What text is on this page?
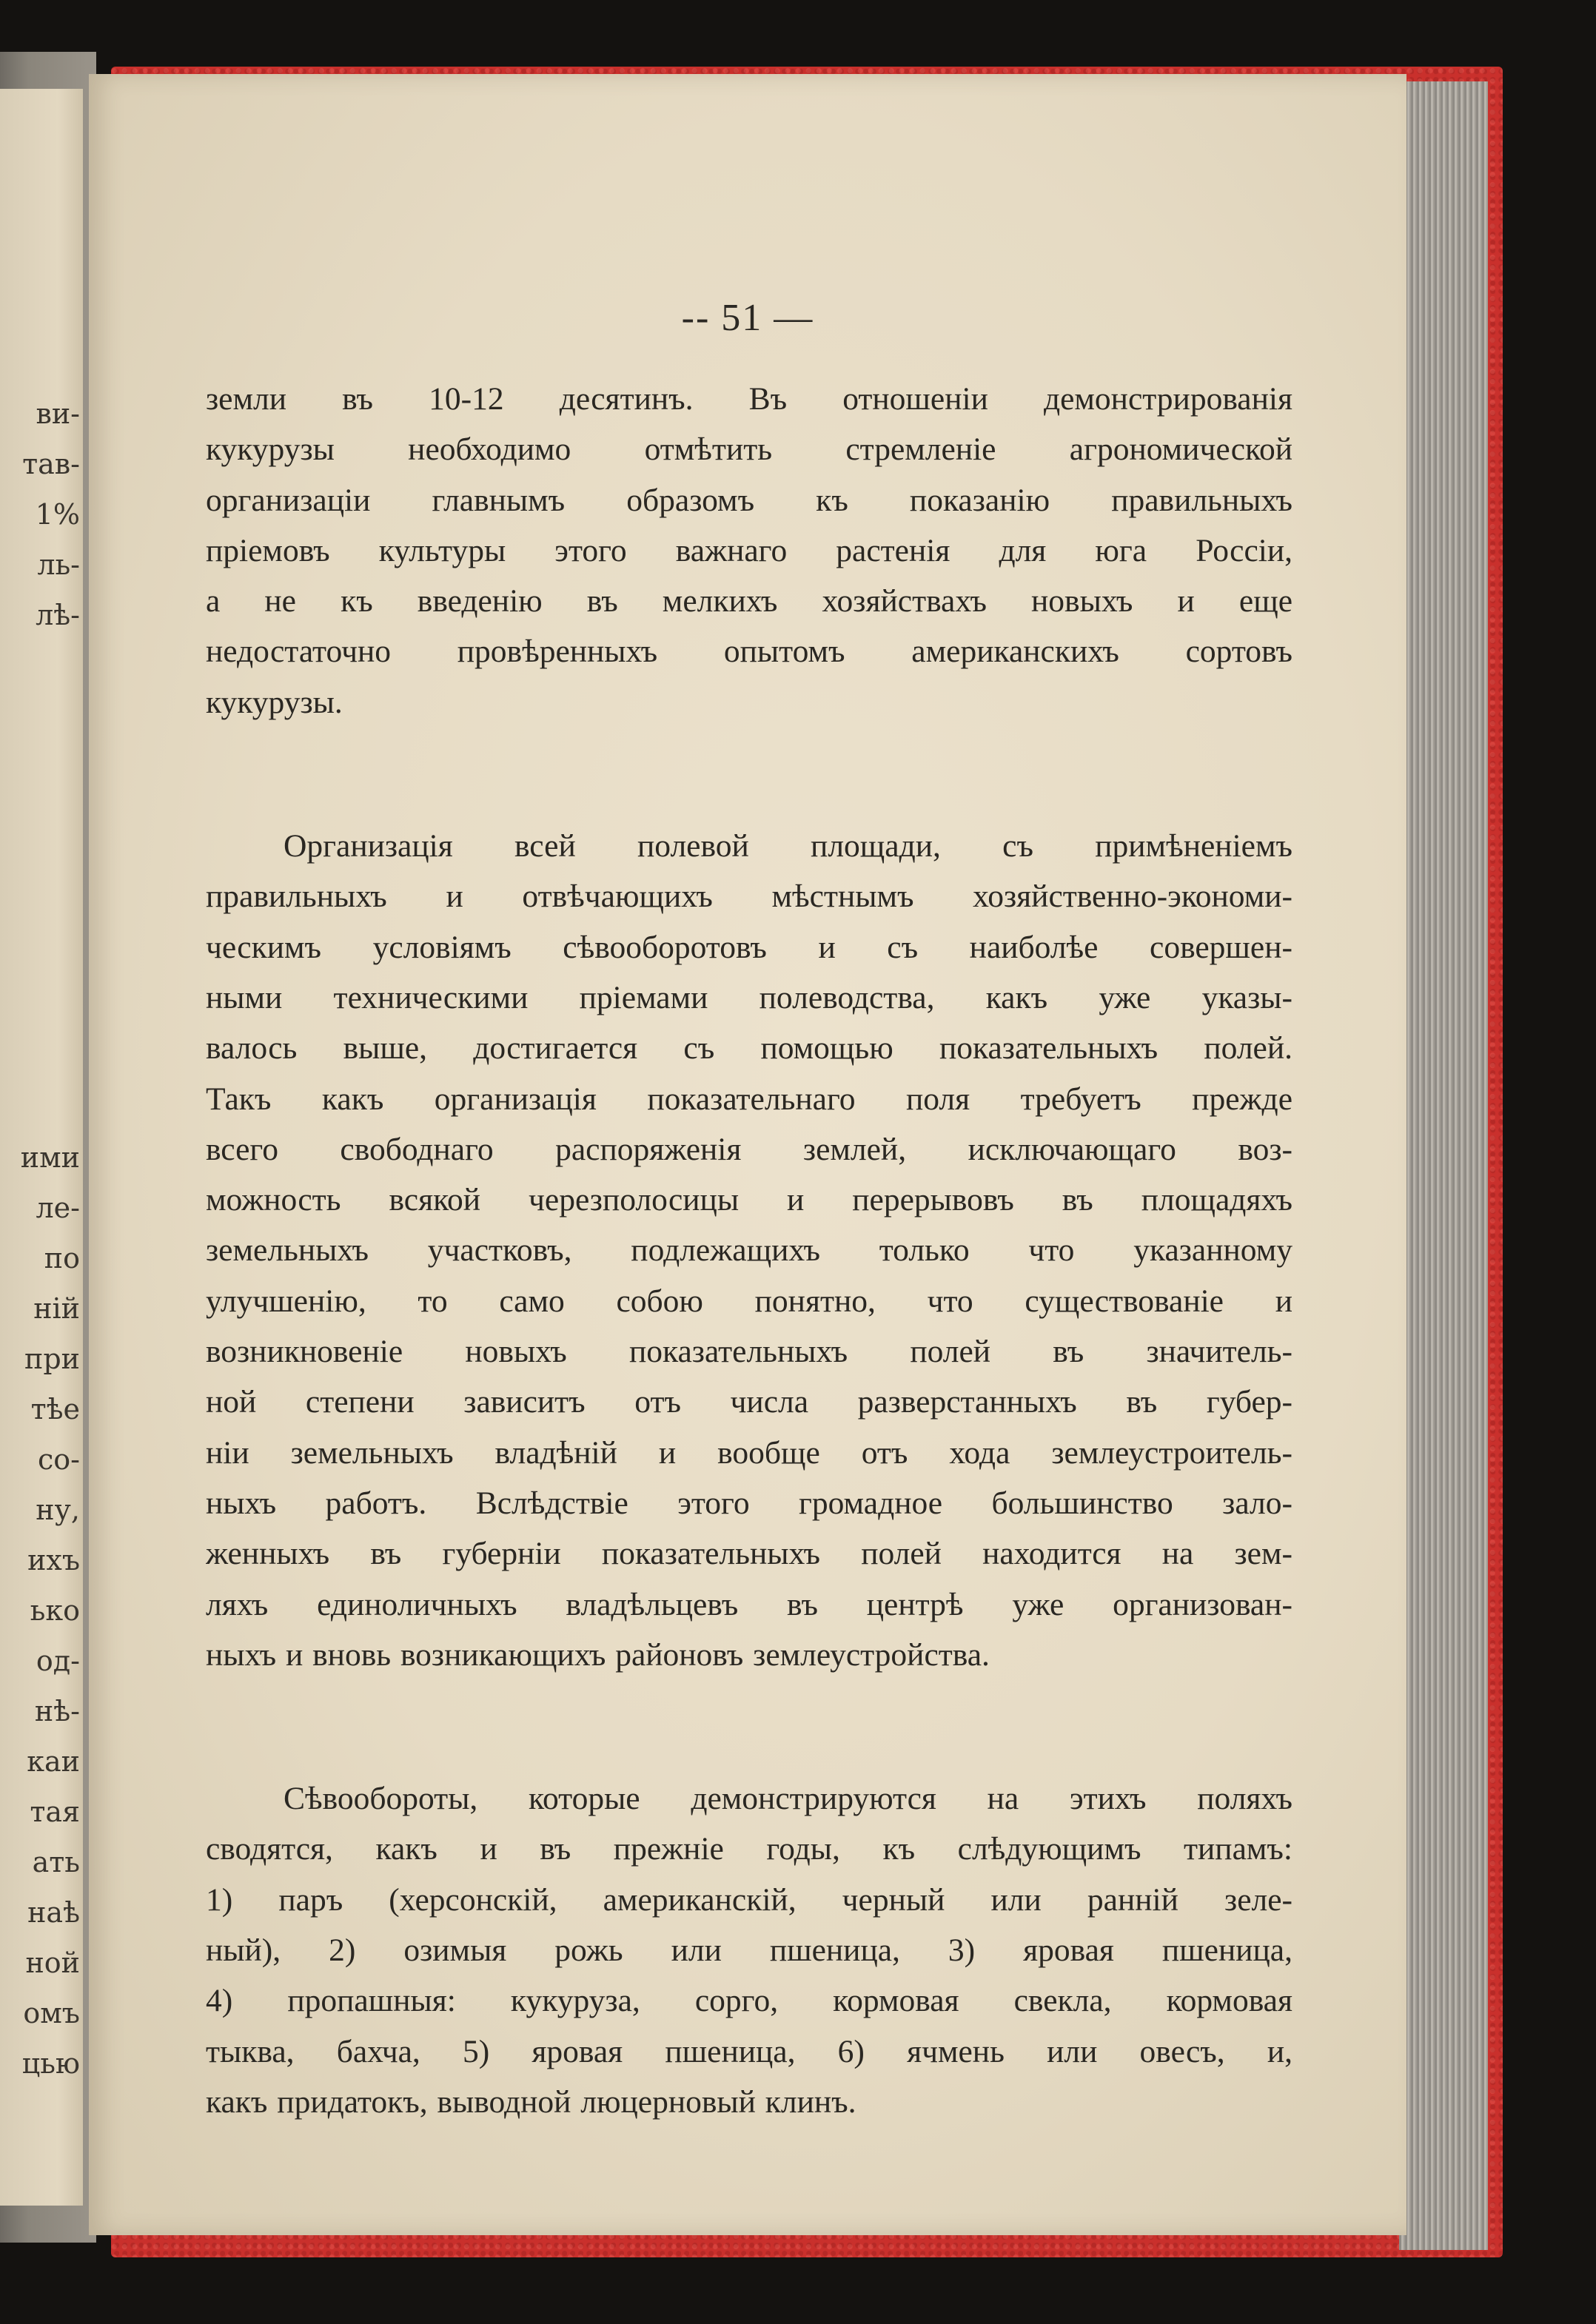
ви-
тав-
1%
ль-
лѣ-
ими
ле-
по
ній
при
тѣе
со-
ну,
ихъ
ько
од-
нѣ-
каи
тая
ать
наѣ
ной
омъ
цью
-- 51 —
земли въ 10-12 десятинъ. Въ отношеніи демонстрированія
кукурузы необходимо отмѣтить стремленіе агрономической
организаціи главнымъ образомъ къ показанію правильныхъ
пріемовъ культуры этого важнаго растенія для юга Россіи,
а не къ введенію въ мелкихъ хозяйствахъ новыхъ и еще
недостаточно провѣренныхъ опытомъ американскихъ сортовъ
кукурузы.
Организація всей полевой площади, съ примѣненіемъ
правильныхъ и отвѣчающихъ мѣстнымъ хозяйственно-экономи-
ческимъ условіямъ сѣвооборотовъ и съ наиболѣе совершен-
ными техническими пріемами полеводства, какъ уже указы-
валось выше, достигается съ помощью показательныхъ полей.
Такъ какъ организація показательнаго поля требуетъ прежде
всего свободнаго распоряженія землей, исключающаго воз-
можность всякой черезполосицы и перерывовъ въ площадяхъ
земельныхъ участковъ, подлежащихъ только что указанному
улучшенію, то само собою понятно, что существованіе и
возникновеніе новыхъ показательныхъ полей въ значитель-
ной степени зависитъ отъ числа разверстанныхъ въ губер-
ніи земельныхъ владѣній и вообще отъ хода землеустроитель-
ныхъ работъ. Вслѣдствіе этого громадное большинство зало-
женныхъ въ губерніи показательныхъ полей находится на зем-
ляхъ единоличныхъ владѣльцевъ въ центрѣ уже организован-
ныхъ и вновь возникающихъ районовъ землеустройства.
Сѣвообороты, которые демонстрируются на этихъ поляхъ
сводятся, какъ и въ прежніе годы, къ слѣдующимъ типамъ:
1) паръ (херсонскій, американскій, черный или ранній зеле-
ный), 2) озимыя рожь или пшеница, 3) яровая пшеница,
4) пропашныя: кукуруза, сорго, кормовая свекла, кормовая
тыква, бахча, 5) яровая пшеница, 6) ячмень или овесъ, и,
какъ придатокъ, выводной люцерновый клинъ.
